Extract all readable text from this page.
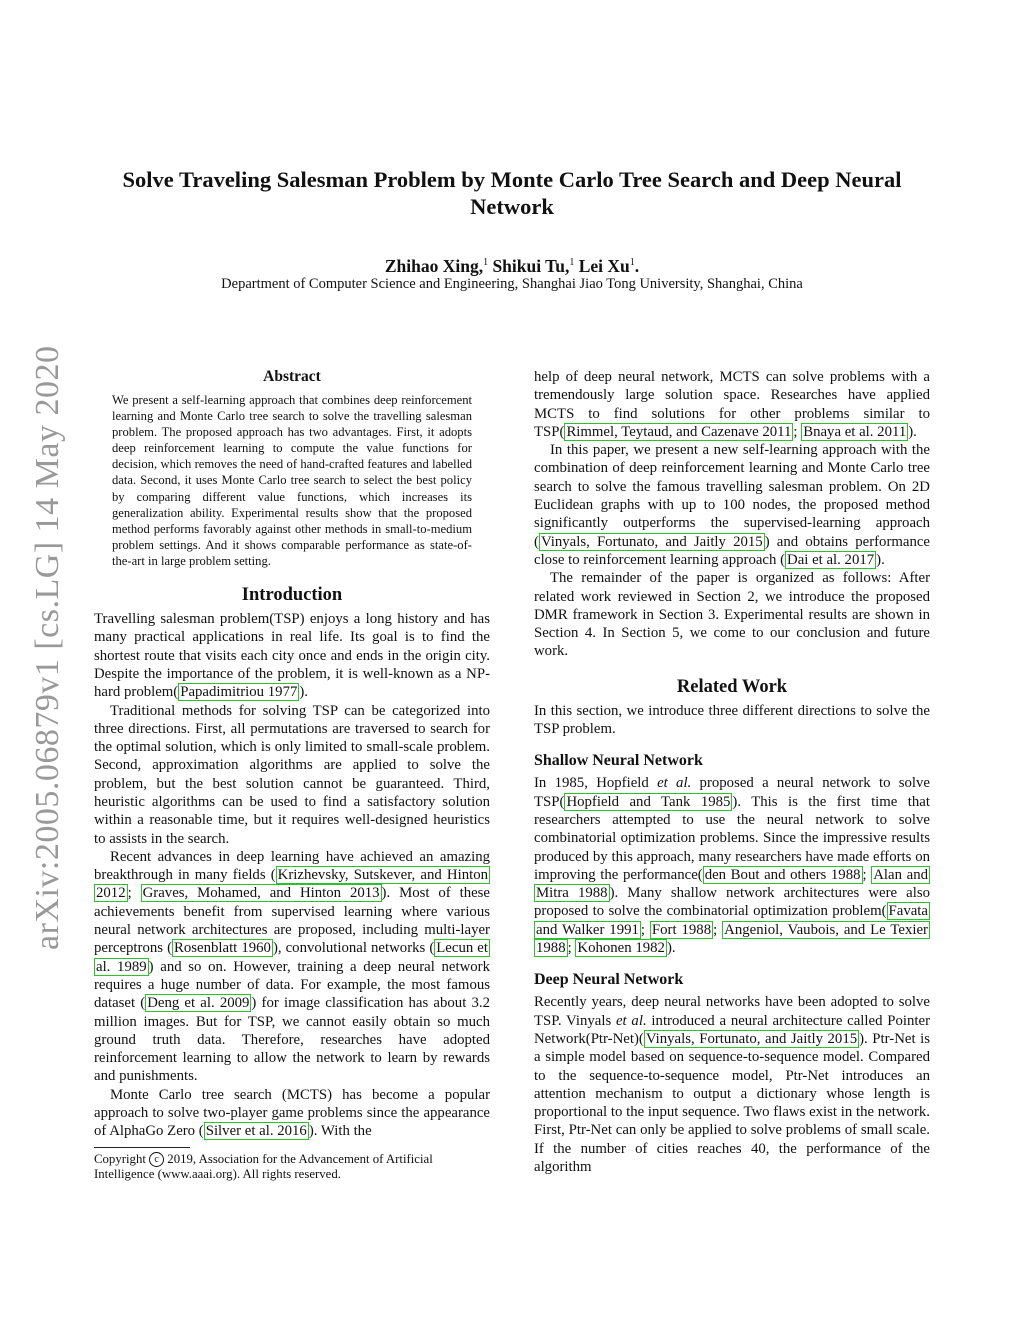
arXiv:2005.06879v1 [cs.LG] 14 May 2020
Solve Traveling Salesman Problem by Monte Carlo Tree Search and Deep Neural
Network
Zhihao Xing,$^1$ Shikui Tu,$^1$ Lei Xu$^1$.
Department of Computer Science and Engineering, Shanghai Jiao Tong University, Shanghai, China
Abstract
We present a self-learning approach that combines deep reinforcement learning and Monte Carlo tree search to solve the travelling salesman problem. The proposed approach has two advantages. First, it adopts deep reinforcement learning to compute the value functions for decision, which removes the need of hand-crafted features and labelled data. Second, it uses Monte Carlo tree search to select the best policy by comparing different value functions, which increases its generalization ability. Experimental results show that the proposed method performs favorably against other methods in small-to-medium problem settings. And it shows comparable performance as state-of-the-art in large problem setting.
Introduction

Travelling salesman problem(TSP) enjoys a long history and has many practical applications in real life. Its goal is to find the shortest route that visits each city once and ends in the origin city. Despite the importance of the problem, it is well-known as a NP-hard problem( Papadimitriou 1977 ).

Traditional methods for solving TSP can be categorized into three directions. First, all permutations are traversed to search for the optimal solution, which is only limited to small-scale problem. Second, approximation algorithms are applied to solve the problem, but the best solution cannot be guaranteed. Third, heuristic algorithms can be used to find a satisfactory solution within a reasonable time, but it requires well-designed heuristics to assists in the search.

Recent advances in deep learning have achieved an amazing breakthrough in many fields ( Krizhevsky, Sutskever, and Hinton 2012 ; Graves, Mohamed, and Hinton 2013 ). Most of these achievements benefit from supervised learning where various neural network architectures are proposed, including multi-layer perceptrons ( Rosenblatt 1960 ), convolutional networks ( Lecun et al. 1989 ) and so on. However, training a deep neural network requires a huge number of data. For example, the most famous dataset ( Deng et al. 2009 ) for image classification has about 3.2 million images. But for TSP, we cannot easily obtain so much ground truth data. Therefore, researches have adopted reinforcement learning to allow the network to learn by rewards and punishments.

Monte Carlo tree search (MCTS) has become a popular approach to solve two-player game problems since the appearance of AlphaGo Zero ( Silver et al. 2016 ). With the

Copyright c 2019, Association for the Advancement of Artificial Intelligence (www.aaai.org). All rights reserved.

help of deep neural network, MCTS can solve problems with a tremendously large solution space. Researches have applied MCTS to find solutions for other problems similar to TSP( Rimmel, Teytaud, and Cazenave 2011 ; Bnaya et al. 2011 ).

In this paper, we present a new self-learning approach with the combination of deep reinforcement learning and Monte Carlo tree search to solve the famous travelling salesman problem. On 2D Euclidean graphs with up to 100 nodes, the proposed method significantly outperforms the supervised-learning approach ( Vinyals, Fortunato, and Jaitly 2015 ) and obtains performance close to reinforcement learning approach ( Dai et al. 2017 ).

The remainder of the paper is organized as follows: After related work reviewed in Section 2, we introduce the proposed DMR framework in Section 3. Experimental results are shown in Section 4. In Section 5, we come to our conclusion and future work.

Related Work

In this section, we introduce three different directions to solve the TSP problem.

Shallow Neural Network

In 1985, Hopfield et al. proposed a neural network to solve TSP( Hopfield and Tank 1985 ). This is the first time that researchers attempted to use the neural network to solve combinatorial optimization problems. Since the impressive results produced by this approach, many researchers have made efforts on improving the performance( den Bout and others 1988 ; Alan and Mitra 1988 ). Many shallow network architectures were also proposed to solve the combinatorial optimization problem( Favata and Walker 1991 ; Fort 1988 ; Angeniol, Vaubois, and Le Texier 1988 ; Kohonen 1982 ).

Deep Neural Network

Recently years, deep neural networks have been adopted to solve TSP. Vinyals et al. introduced a neural architecture called Pointer Network(Ptr-Net)( Vinyals, Fortunato, and Jaitly 2015 ). Ptr-Net is a simple model based on sequence-to-sequence model. Compared to the sequence-to-sequence model, Ptr-Net introduces an attention mechanism to output a dictionary whose length is proportional to the input sequence. Two flaws exist in the network. First, Ptr-Net can only be applied to solve problems of small scale. If the number of cities reaches 40, the performance of the algorithm
